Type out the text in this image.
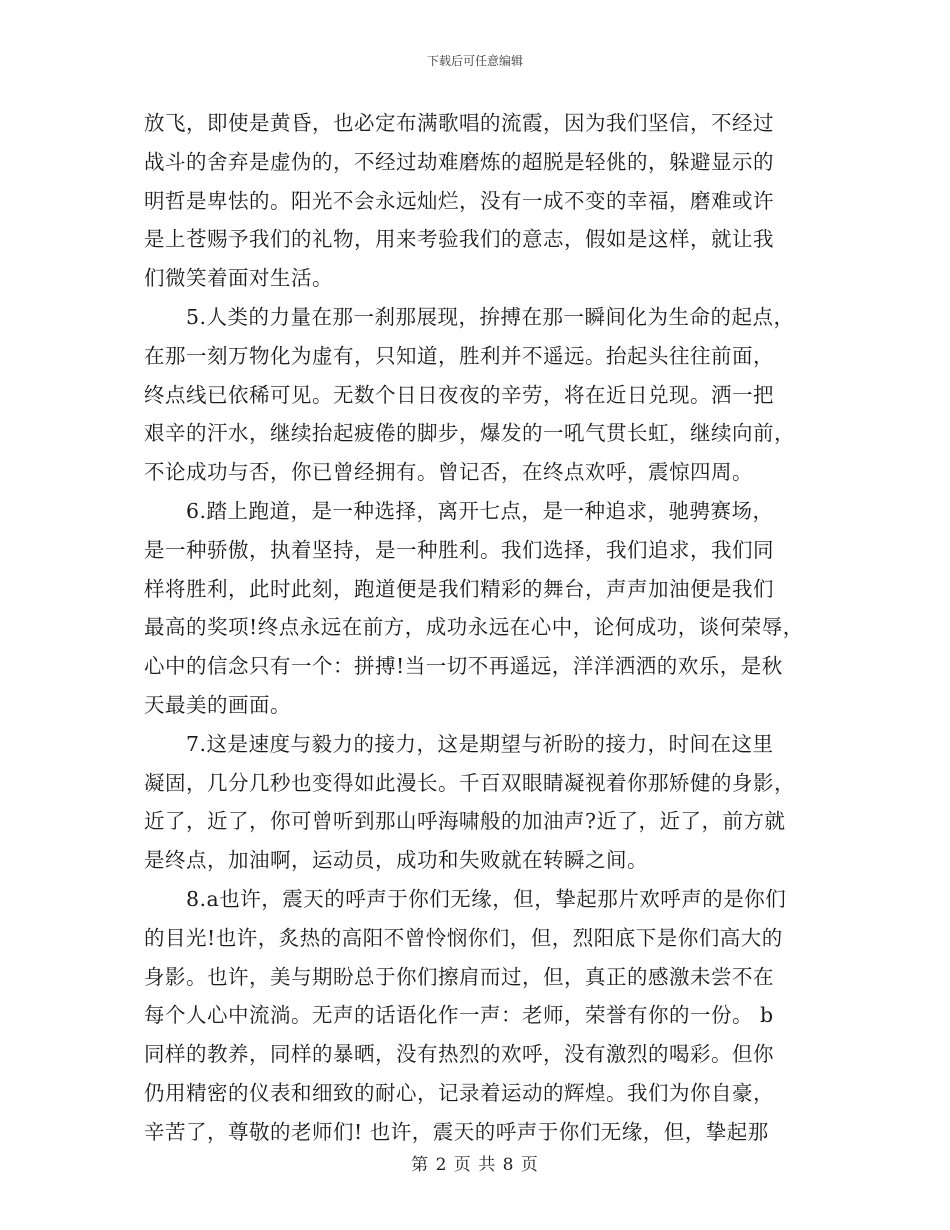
下载后可任意编辑
放飞，即使是黄昏，也必定布满歌唱的流霞，因为我们坚信，不经过
战斗的舍弃是虚伪的，不经过劫难磨炼的超脱是轻佻的，躲避显示的
明哲是卑怯的。阳光不会永远灿烂，没有一成不变的幸福，磨难或许
是上苍赐予我们的礼物，用来考验我们的意志，假如是这样，就让我
们微笑着面对生活。
5.人类的力量在那一刹那展现，拚搏在那一瞬间化为生命的起点，
在那一刻万物化为虚有，只知道，胜利并不遥远。抬起头往往前面，
终点线已依稀可见。无数个日日夜夜的辛劳，将在近日兑现。洒一把
艰辛的汗水，继续抬起疲倦的脚步，爆发的一吼气贯长虹，继续向前，
不论成功与否，你已曾经拥有。曾记否，在终点欢呼，震惊四周。
6.踏上跑道，是一种选择，离开七点，是一种追求，驰骋赛场，
是一种骄傲，执着坚持，是一种胜利。我们选择，我们追求，我们同
样将胜利，此时此刻，跑道便是我们精彩的舞台，声声加油便是我们
最高的奖项!终点永远在前方，成功永远在心中，论何成功，谈何荣辱，
心中的信念只有一个：拼搏!当一切不再遥远，洋洋洒洒的欢乐，是秋
天最美的画面。
7.这是速度与毅力的接力，这是期望与祈盼的接力，时间在这里
凝固，几分几秒也变得如此漫长。千百双眼睛凝视着你那矫健的身影，
近了，近了，你可曾听到那山呼海啸般的加油声?近了，近了，前方就
是终点，加油啊，运动员，成功和失败就在转瞬之间。
8.a也许，震天的呼声于你们无缘，但，挚起那片欢呼声的是你们
的目光!也许，炙热的高阳不曾怜悯你们，但，烈阳底下是你们高大的
身影。也许，美与期盼总于你们擦肩而过，但，真正的感激未尝不在
每个人心中流淌。无声的话语化作一声：老师，荣誉有你的一份。 b
同样的教养，同样的暴晒，没有热烈的欢呼，没有激烈的喝彩。但你
仍用精密的仪表和细致的耐心，记录着运动的辉煌。我们为你自豪，
辛苦了，尊敬的老师们! 也许，震天的呼声于你们无缘，但，挚起那
第 2 页 共 8 页
